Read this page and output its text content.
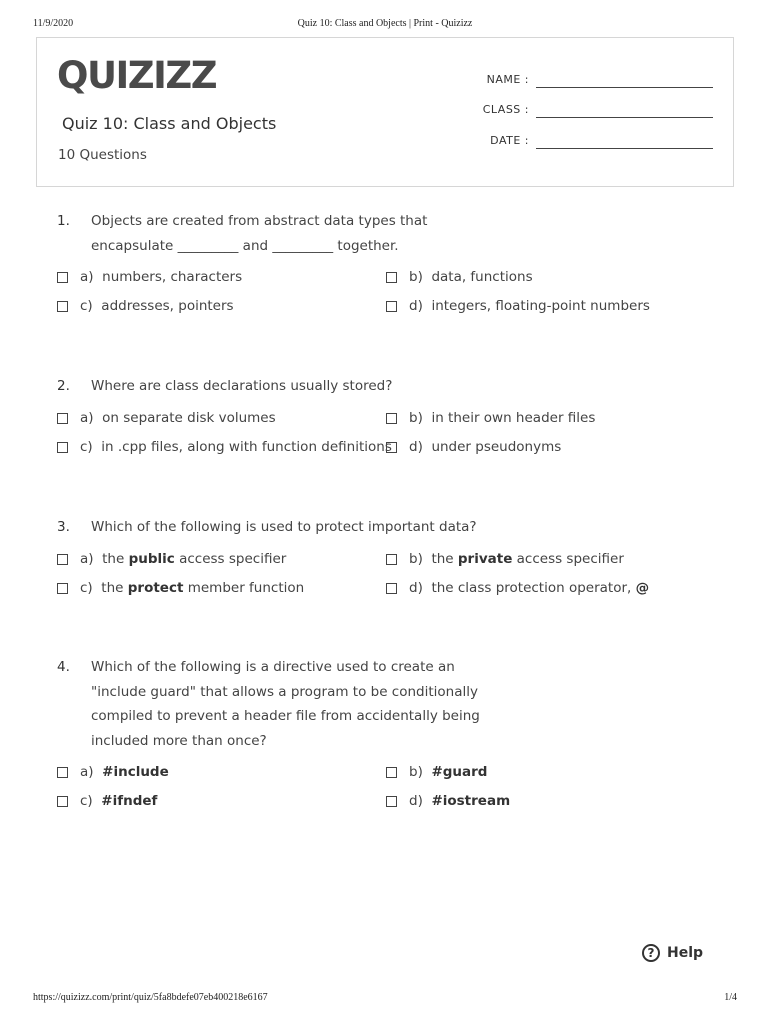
11/9/2020	Quiz 10: Class and Objects | Print - Quizizz
QUIZIZZ
Quiz 10: Class and Objects
10 Questions
NAME :
CLASS :
DATE :
1. Objects are created from abstract data types that encapsulate _________ and _________ together.
a) numbers, characters	b) data, functions
c) addresses, pointers	d) integers, floating-point numbers
2. Where are class declarations usually stored?
a) on separate disk volumes	b) in their own header files
c) in .cpp files, along with function definitions d) under pseudonyms
3. Which of the following is used to protect important data?
a) the public access specifier	b) the private access specifier
c) the protect member function	d) the class protection operator, @
4. Which of the following is a directive used to create an "include guard" that allows a program to be conditionally compiled to prevent a header file from accidentally being included more than once?
a) #include	b) #guard
c) #ifndef	d) #iostream
? Help
https://quizizz.com/print/quiz/5fa8bdefe07eb400218e6167	1/4
